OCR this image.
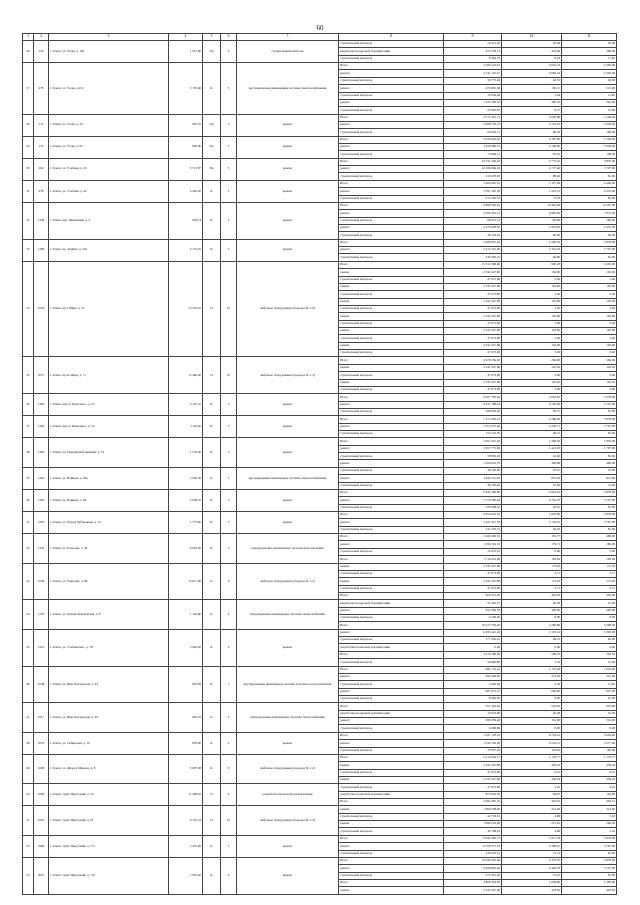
60
1	2	3	4	5	6	7	8	9	10	11
26	159	г. Томск, ул. Усова, д. 18а	1 057,80	Пр	5	строительный контроль	строительный контроль	24 414,20	22,48	65,00
							разработка проектной документации	455 558,13	418,46	380,00
							строительный контроль	9 462,76	8,24	11,00
27	478	г. Томск, ул. Усова, д.23а	3 176,66	К	5	внутридомовые инженерные системы электроснабжения	Итого	2 268 116,91	2 052,74	2 295,00
							ремонт	2 141 110,27	2 082,44	2 202,00
							строительный контроль	39 775,94	62,55	49,00
							ремонт	476 981,58	150,15	513,00
							строительный контроль	10 936,64	3,44	11,00
							ремонт	1 225 599,32	385,76	542,00
							строительный контроль	25 905,65	8,37	12,00
28	115	г. Томск, ул. Усова, д. 29	981,70	Пр	5	крыша	Итого	3 512 455,72	3 630,98	5 146,00
							ремонт	2 068 703,31	5 716,22	5 058,00
							строительный контроль	69 629,71	89,03	108,00
29	179	г. Томск, ул. Усова, д. 6а	840,90	Пр	2	крыша	Итого	3 520 946,42	4 187,06	5 146,00
							ремонт	3 456 080,31	4 109,90	5 058,00
							строительный контроль	72 866,11	87,16	108,00
30	264	г. Томск, ул. Учебная, д. 20	5 721,87	Пр	5	крыша	Итого	10 531 456,22	2 775,61	3 879,00
							ремонт	10 184 066,32	2 727,46	3 707,00
							строительный контроль	216 478,95	88,46	81,00
31	478	г. Томск, ул. Учебная, д. 40	4 445,20	К	5	крыша	Итого	5 906 605,91	1 327,84	4 440,00
							ремонт	5 591 365,39	1 261,31	4 355,00
							строительный контроль	315 240,52	73,53	85,00
32	1349	г. Томск, пер. Шпальный, д. 5	659,14	К	2	крыша	Итого	6 898 302,91	10 465,09	12 597,00
							ремонт	4 595 455,12	6 985,62	7 972,00
							строительный контроль	98 915,51	150,06	166,00
							ремонт	2 276 628,85	3 453,85	4 255,00
							строительный контроль	38 163,43	60,00	95,00
33	1286	г. Томск, пр. Ленина, д. 216	2 172,25	К	5	крыша	Итого	1 668 967,26	2 582,32	3 878,00
							ремонт	5 412 351,06	2 352,32	3 707,00
							строительный контроль	236 582,27	49,86	81,00
34	1056	г. Томск, пр-т Мира, д. 37	13 763,10	П	10	лифтовое оборудование (подъезд № 1-6)	Итого	15 312 368,06	990,28	1 005,00
							замена	2 341 647,80	163,00	163,00
							строительный контроль	47 973,80	3,49	3,49
							замена	2 341 647,80	163,00	163,00
							строительный контроль	47 973,80	3,49	3,49
							замена	2 341 647,80	163,00	163,00
							строительный контроль	47 973,80	3,49	3,49
							замена	2 341 647,80	163,00	163,00
							строительный контроль	47 973,80	3,49	3,49
							замена	2 341 647,80	163,00	163,00
							строительный контроль	47 973,80	3,49	3,49
							замена	2 341 647,80	163,00	163,00
							строительный контроль	47 973,80	3,49	3,49
35	1057	г. Томск, пр-кт Мира, д. 71	15 496,40	П	10	лифтовое оборудование (подъезд № 1-3)	Итого	6 679 236,00	284,96	284,96
							замена	2 341 647,80	145,42	145,42
							строительный контроль	47 973,80	3,00	3,00
							замена	2 341 647,80	145,42	145,42
							строительный контроль	47 973,80	3,00	3,00
36	1496	г. Томск, просп. Комсомол., д. 47	3 197,22	К	5	крыша	Итого	9 007 785,42	2 852,65	3 378,00
							ремонт	8 811 788,22	2 792,00	3 707,00
							строительный контроль	186 000,20	59,75	81,00
37	1492	г. Томск, просп. Комсомол., д. 54	3 144,20	К	5	крыша	Итого	7 213 305,41	2 286,84	3 878,00
							ремонт	7 071 072,46	2 240,71	3 707,00
							строительный контроль	152 232,95	48,12	81,00
38	1409	г. Томск, ул. Гвардейской дивизии, д. 74	1 532,40	К	5	крыша	Итого	2 061 015,63	1 458,26	1 879,00
							ремонт	1 957 775,82	1 421,63	1 797,00
							строительный контроль	58 830,03	42,60	82,00
							ремонт	1 569 816,79	409,98	480,00
39	1263	г. Томск, ул. Войкова, д. 64а	2 040,56	К	5	внутридомовые инженерные системы электроснабжения	строительный контроль	38 105,90	18,67	18,00
							ремонт	1 846 715,43	876,26	831,00
							строительный контроль	38 105,45	10,00	14,00
40	1264	г. Томск, ул. Войкова, д. 66	2 038,10	К	5	крыша	Итого	5 842 306,86	2 824,45	3 878,00
							ремонт	5 776 160,64	2 762,70	3 707,00
							строительный контроль	158 498,35	50,41	81,00
41	1263	г. Томск, ул. Героев Чубаровцев, д. 22	1 775,60	К	5	крыша	Итого	4 654 622,52	1 622,06	3 878,00
							ремонт	5 421 412,59	1 702,47	3 797,00
							строительный контроль	231 503,51	56,42	81,00
42	1353	г. Томск, ул. Говорова, д. 34	6 993,50	К	5	внутридомовые инженерные системы водоотведения	Итого	1 266 390,53	181,77	480,00
							ремонт	1 256 724,53	179,71	180,00
							строительный контроль	12 970,61	6,00	5,00
							Итого	1 719 216,08	183,04	183,04
43	1040	г. Томск, ул. Говорова, д. 86	12 917,90	К	9	лифтовое оборудование (подъезд № 1-2)	замена	2 341 647,80	173,20	173,20
							строительный контроль	47 973,80	3,71	3,71
							замена	2 341 647,80	173,20	173,20
							строительный контроль	47 973,80	3,71	3,71
							Итого	464 312,00	402,03	464,00
44	1705	г. Томск, ул. Дальне-Ключевская, д. 8	1 149,80	К	4	внутридомовые инженерные системы теплоснабжения	разработка проектной документации	52 362,27	49,38	47,00
							ремонт	454 394,59	396,00	396,00
							строительный контроль	9 128,40	8,00	8,00
							Итого	10 527 539,20	2 296,80	3 698,30
45	1201	г. Томск, ул. Учебная вкл., д. 78	5 942,20	К	9	крыша	ремонт	6 295 421,26	1 155,14	3 365,00
							строительный контроль	177 263,01	48,13	82,00
							разработка проектной документации	0,00	0,00	0,00
							Итого	2 910 790,09	508,53	562,52
							строительный контроль	56 960,80	3,32	12,40
46	1048	г. Томск, ул. Ивы Пчеловодов, д. 42	853,09	К	1	внутридомовые инженерные системы холодного водоснабжения	Итого	981 714,21	1 175,40	1 919,00
							ремонт	284 248,95	213,30	512,00
							строительный контроль	5 949,29	4,36	11,00
							ремонт	687 973,27	640,00	825,00
							строительный контроль	8 282,30	9,00	10,00
47	1011	г. Томск, ул. Ивы Пчеловодов, д. 92	826,10	К	5	внутридомовые инженерные системы теплоснабжения	Итого	551 423,62	532,83	635,00
							разработка проектной документации	16 974,80	20,28	25,00
							ремонт	286 239,40	316,00	316,00
							строительный контроль	6 268,89	8,00	8,00
48	1079	г. Томск, ул. Сибирская, д. 16	878,60	К	2	крыша	Итого	1 501 178,23	6 743,41	3 664,00
							ремонт	1 330 130,09	6 232,21	3 577,00
							строительный контроль	35 957,45	118,94	190,00
49	1068	г. Томск, ул. Фёдора Мюхова, д. 8	5 097,08	К	9	лифтовое оборудование (подъезд № 1-2)	Итого	5 214 036,17	1 179,77	1 179,77
							замена	2 341 647,80	459,24	459,24
							строительный контроль	47 973,80	9,41	9,41
							замена	2 341 647,80	459,24	459,24
50	1069	г. Томск, тракт Иркутский, д. 16	11 298,92	П	9	разработка проектной документации	строительный контроль	47 973,80	4,25	4,25
							разработка проектной документации	874 002,50	84,97	164,00
							Итого	4 494 387,32	418,01	462,12
51	4781	г. Томск, тракт Иркутский, д. 97	9 145,53	П	10	лифтовое оборудование (подъезд № 1-2)	замена	1 809 538,60	214,00	214,00
							строительный контроль	42 703,81	4,68	5,16
							замена	1 899 518,00	215,81	260,29
							строительный контроль	42 768,81	4,68	5,16
52	3306	г. Томск, тракт Иркутский, д. 171	2 455,96	К	5	крыша	Итого	9 944 396,73	3 471,39	3 878,00
							ремонт	9 706 371,33	3 398,25	3 797,00
							строительный контроль	218 203,15	72,14	81,00
53	5007	г. Томск, тракт Иркутский, д. 176	7 855,40	К	9	крыша	Итого	10 040 323,66	2 479,70	3 878,00
							ремонт	9 828 962,46	2 406,78	3 707,00
							строительный контроль	213 361,20	72,91	81,00
							Итого	4 868 354,00	1 084,00	1 383,40
							замена	2 341 647,80	418,02	418,02
